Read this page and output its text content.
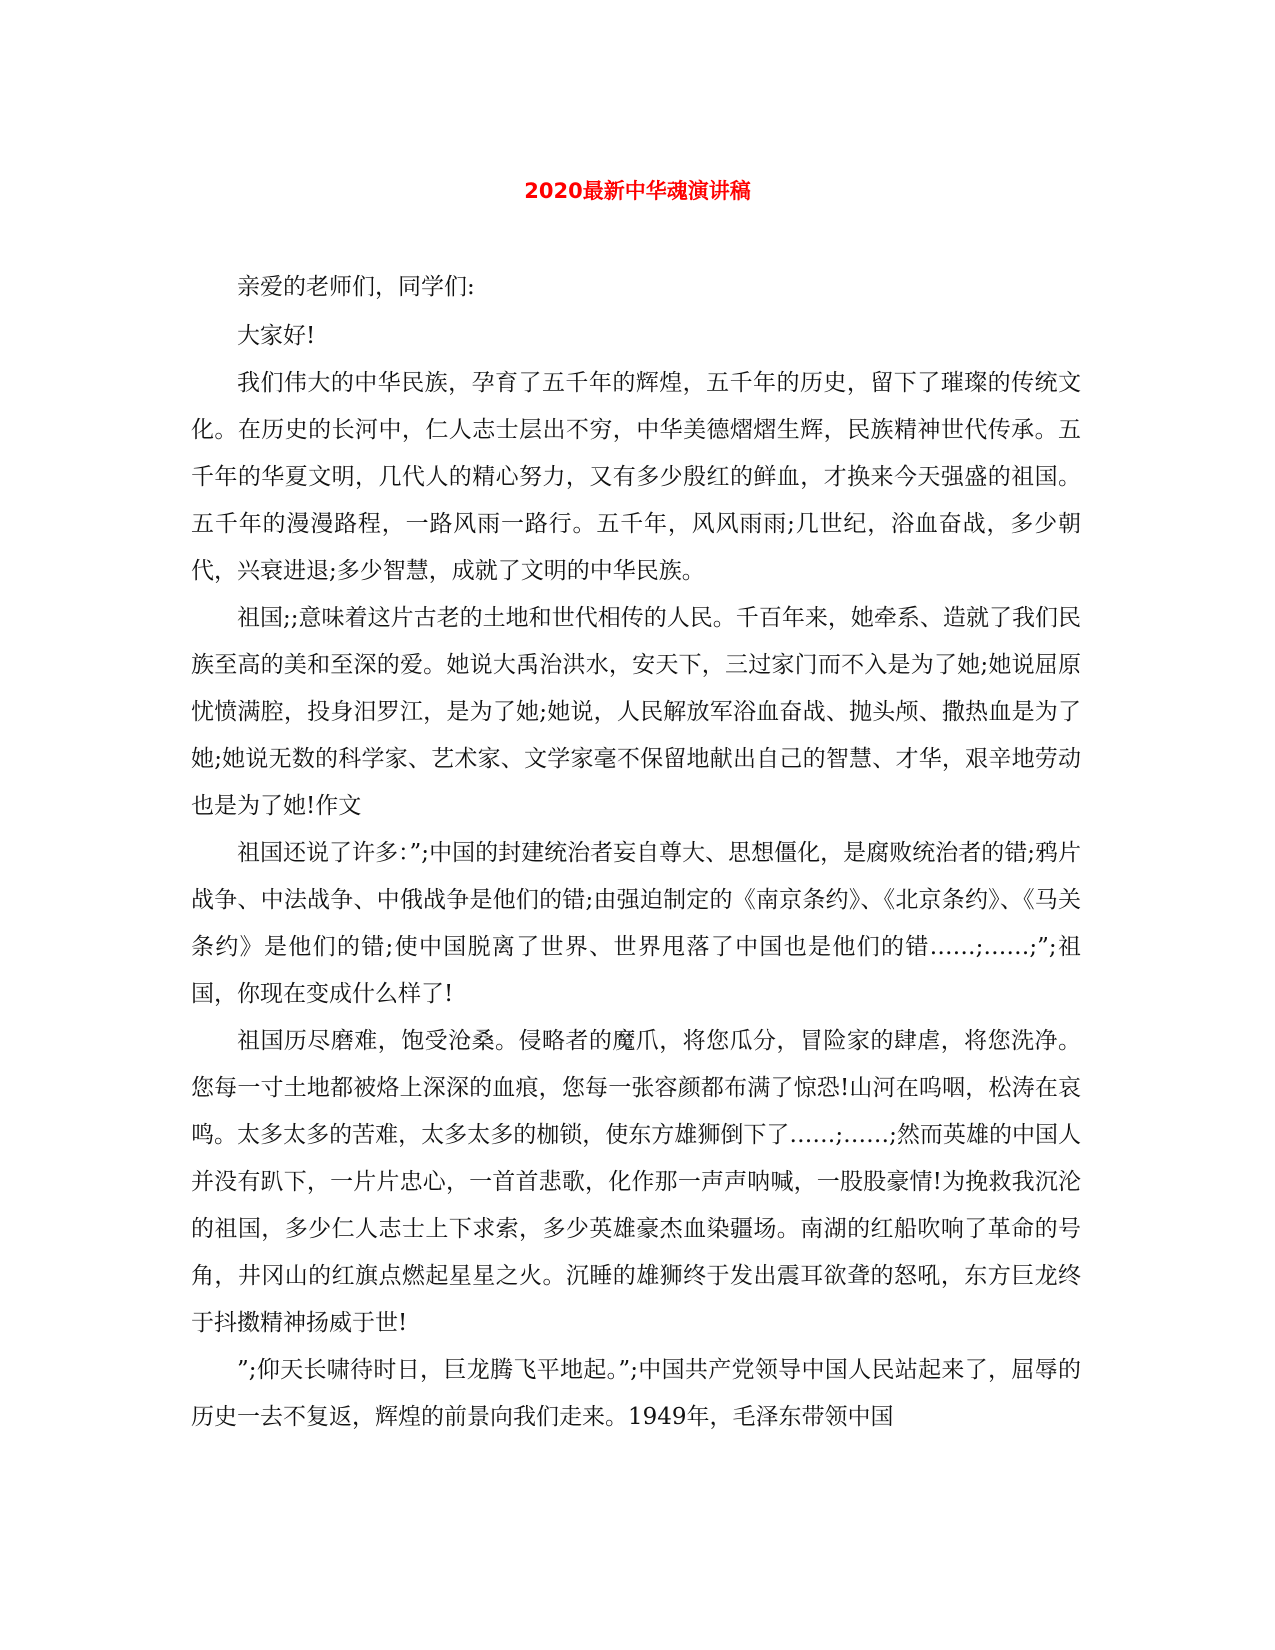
2020最新中华魂演讲稿

亲爱的老师们，同学们:

大家好!

我们伟大的中华民族，孕育了五千年的辉煌，五千年的历史，留下了璀璨的传统文化。在历史的长河中，仁人志士层出不穷，中华美德熠熠生辉，民族精神世代传承。五千年的华夏文明，几代人的精心努力，又有多少殷红的鲜血，才换来今天强盛的祖国。五千年的漫漫路程，一路风雨一路行。五千年，风风雨雨;几世纪，浴血奋战，多少朝代，兴衰进退;多少智慧，成就了文明的中华民族。

祖国;;意味着这片古老的土地和世代相传的人民。千百年来，她牵系、造就了我们民族至高的美和至深的爱。她说大禹治洪水，安天下，三过家门而不入是为了她;她说屈原忧愤满腔，投身汨罗江，是为了她;她说，人民解放军浴血奋战、抛头颅、撒热血是为了她;她说无数的科学家、艺术家、文学家毫不保留地献出自己的智慧、才华，艰辛地劳动也是为了她!作文

祖国还说了许多：”;中国的封建统治者妄自尊大、思想僵化，是腐败统治者的错;鸦片战争、中法战争、中俄战争是他们的错;由强迫制定的《南京条约》、《北京条约》、《马关条约》是他们的错;使中国脱离了世界、世界甩落了中国也是他们的错……;……;”;祖国，你现在变成什么样了!

祖国历尽磨难，饱受沧桑。侵略者的魔爪，将您瓜分，冒险家的肆虐，将您洗净。您每一寸土地都被烙上深深的血痕，您每一张容颜都布满了惊恐!山河在呜咽，松涛在哀鸣。太多太多的苦难，太多太多的枷锁，使东方雄狮倒下了……;……;然而英雄的中国人并没有趴下，一片片忠心，一首首悲歌，化作那一声声呐喊，一股股豪情!为挽救我沉沦的祖国，多少仁人志士上下求索，多少英雄豪杰血染疆场。南湖的红船吹响了革命的号角，井冈山的红旗点燃起星星之火。沉睡的雄狮终于发出震耳欲聋的怒吼，东方巨龙终于抖擞精神扬威于世!

”;仰天长啸待时日，巨龙腾飞平地起。”;中国共产党领导中国人民站起来了，屈辱的历史一去不复返，辉煌的前景向我们走来。1949年，毛泽东带领中国
